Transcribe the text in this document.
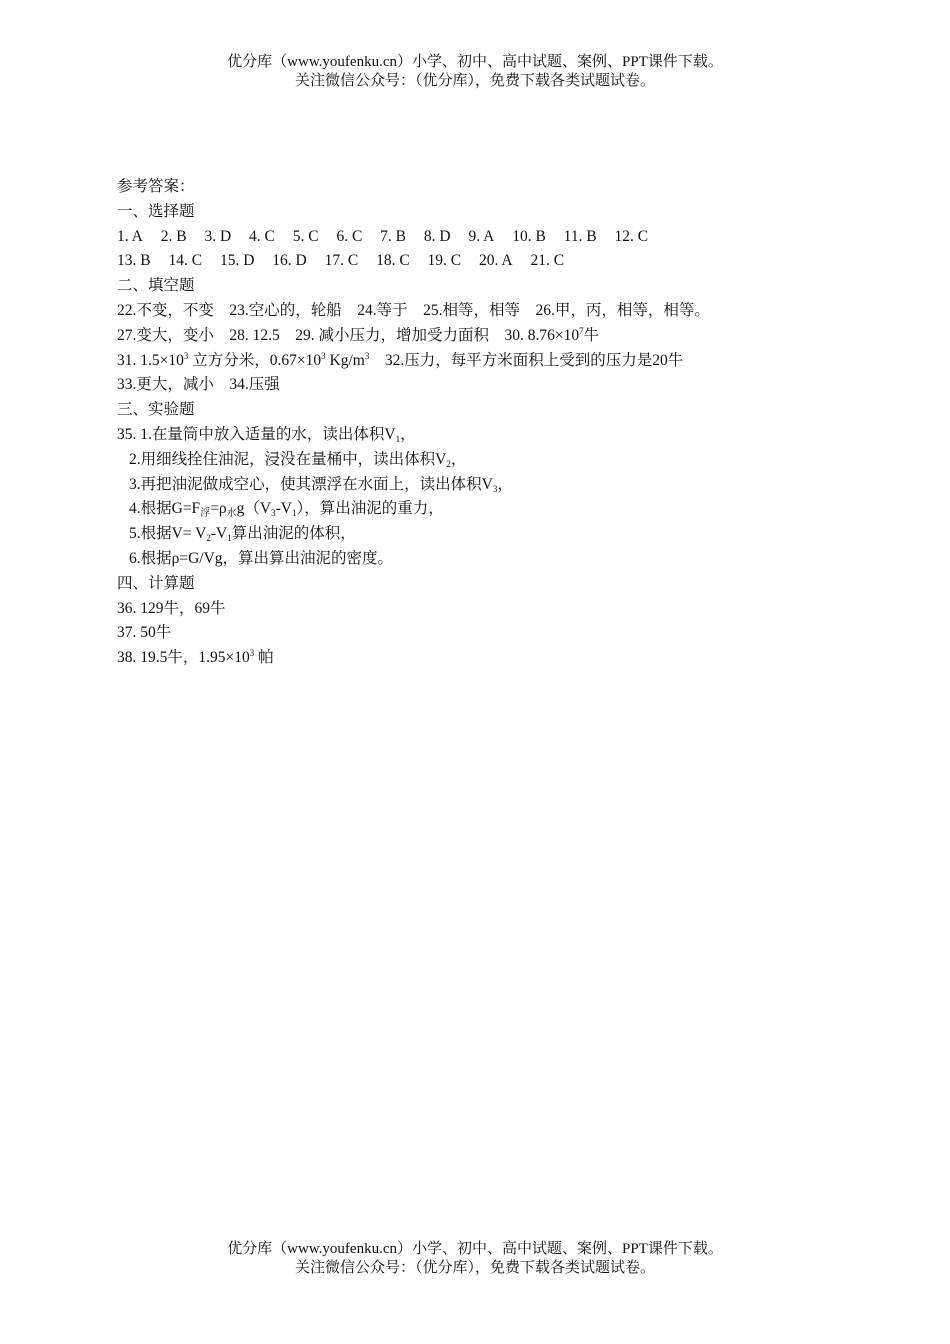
优分库（www.youfenku.cn）小学、初中、高中试题、案例、PPT课件下载。
关注微信公众号：（优分库），免费下载各类试题试卷。
参考答案：
一、选择题
1. A 2. B 3. D 4. C 5. C 6. C 7. B 8. D 9. A 10. B 11. B 12. C
13. B 14. C 15. D 16. D 17. C 18. C 19. C 20. A 21. C
二、填空题
22.不变，不变　23.空心的，轮船　24.等于　25.相等，相等　26.甲，丙，相等，相等。
27.变大，变小　28. 12.5　29. 减小压力，增加受力面积　30. $8.76\times 10^7$牛
31. $1.5\times 10^3$ 立方分米，$0.67\times 10^3$ $Kg/m^3$　32.压力，每平方米面积上受到的压力是20牛
33.更大，减小　34.压强
三、实验题
35. 1.在量筒中放入适量的水，读出体积$V_1$，
2.用细线拴住油泥，浸没在量桶中，读出体积$V_2$，
3.再把油泥做成空心，使其漂浮在水面上，读出体积$V_3$，
4.根据$G=F_浮=\rho_水g(V_3-V_1)$，算出油泥的重力，
5.根据$V= V_2-V_1$算出油泥的体积，
6.根据ρ=G/Vg，算出算出油泥的密度。
四、计算题
36. 129牛，69牛
37. 50牛
38. 19.5牛，$1.95\times 10^3$ 帕
优分库（www.youfenku.cn）小学、初中、高中试题、案例、PPT课件下载。
关注微信公众号：（优分库），免费下载各类试题试卷。
